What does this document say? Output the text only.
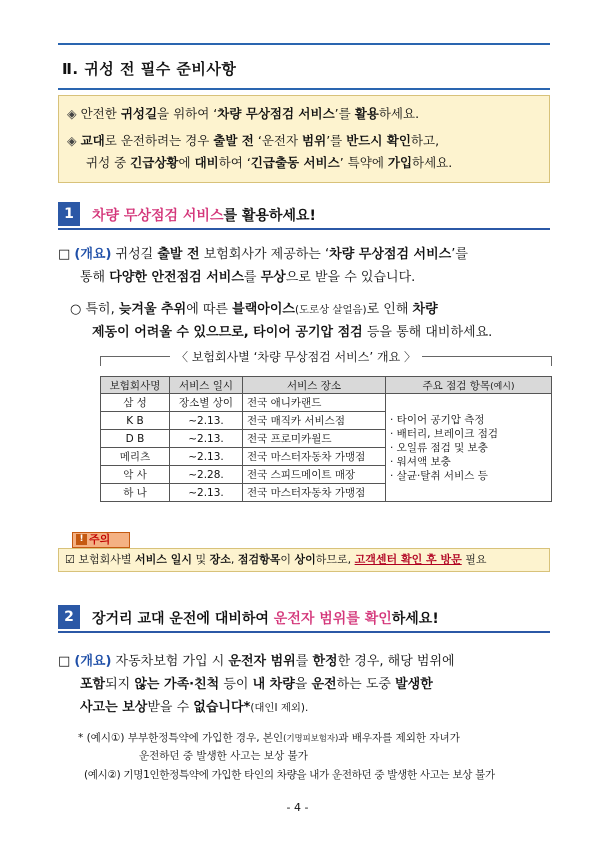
Ⅱ. 귀성 전 필수 준비사항
◈ 안전한 귀성길을 위하여 ‘차량 무상점검 서비스’를 활용하세요.
◈ 교대로 운전하려는 경우 출발 전 ‘운전자 범위’를 반드시 확인하고,
귀성 중 긴급상황에 대비하여 ‘긴급출동 서비스’ 특약에 가입하세요.
1	차량 무상점검 서비스를 활용하세요!
□ (개요) 귀성길 출발 전 보험회사가 제공하는 ‘차량 무상점검 서비스’를
통해 다양한 안전점검 서비스를 무상으로 받을 수 있습니다.
○ 특히, 늦겨울 추위에 따른 블랙아이스(도로상 살얼음)로 인해 차량
제동이 어려울 수 있으므로, 타이어 공기압 점검 등을 통해 대비하세요.
〈 보험회사별 ‘차량 무상점검 서비스’ 개요 〉
보험회사명	서비스 일시	서비스 장소	주요 점검 항목(예시)
삼 성	장소별 상이	전국 애니카랜드	· 타이어 공기압 측정
· 배터리, 브레이크 점검
· 오일류 점검 및 보충
· 워셔액 보충
· 살균·탈취 서비스 등

K B	~2.13.	전국 매직카 서비스점	
D B	~2.13.	전국 프로미카월드	
메리츠	~2.13.	전국 마스터자동차 가맹점	
악 사	~2.28.	전국 스피드메이트 매장	
하 나	~2.13.	전국 마스터자동차 가맹점	
! 주의
☑ 보험회사별 서비스 일시 및 장소, 점검항목이 상이하므로, 고객센터 확인 후 방문 필요
2	장거리 교대 운전에 대비하여 운전자 범위를 확인하세요!
□ (개요) 자동차보험 가입 시 운전자 범위를 한정한 경우, 해당 범위에
포함되지 않는 가족·친척 등이 내 차량을 운전하는 도중 발생한
사고는 보상받을 수 없습니다*(대인Ⅰ 제외).
* (예시①) 부부한정특약에 가입한 경우, 본인(기명피보험자)과 배우자를 제외한 자녀가
운전하던 중 발생한 사고는 보상 불가
(예시②) 기명1인한정특약에 가입한 타인의 차량을 내가 운전하던 중 발생한 사고는 보상 불가
- 4 -
